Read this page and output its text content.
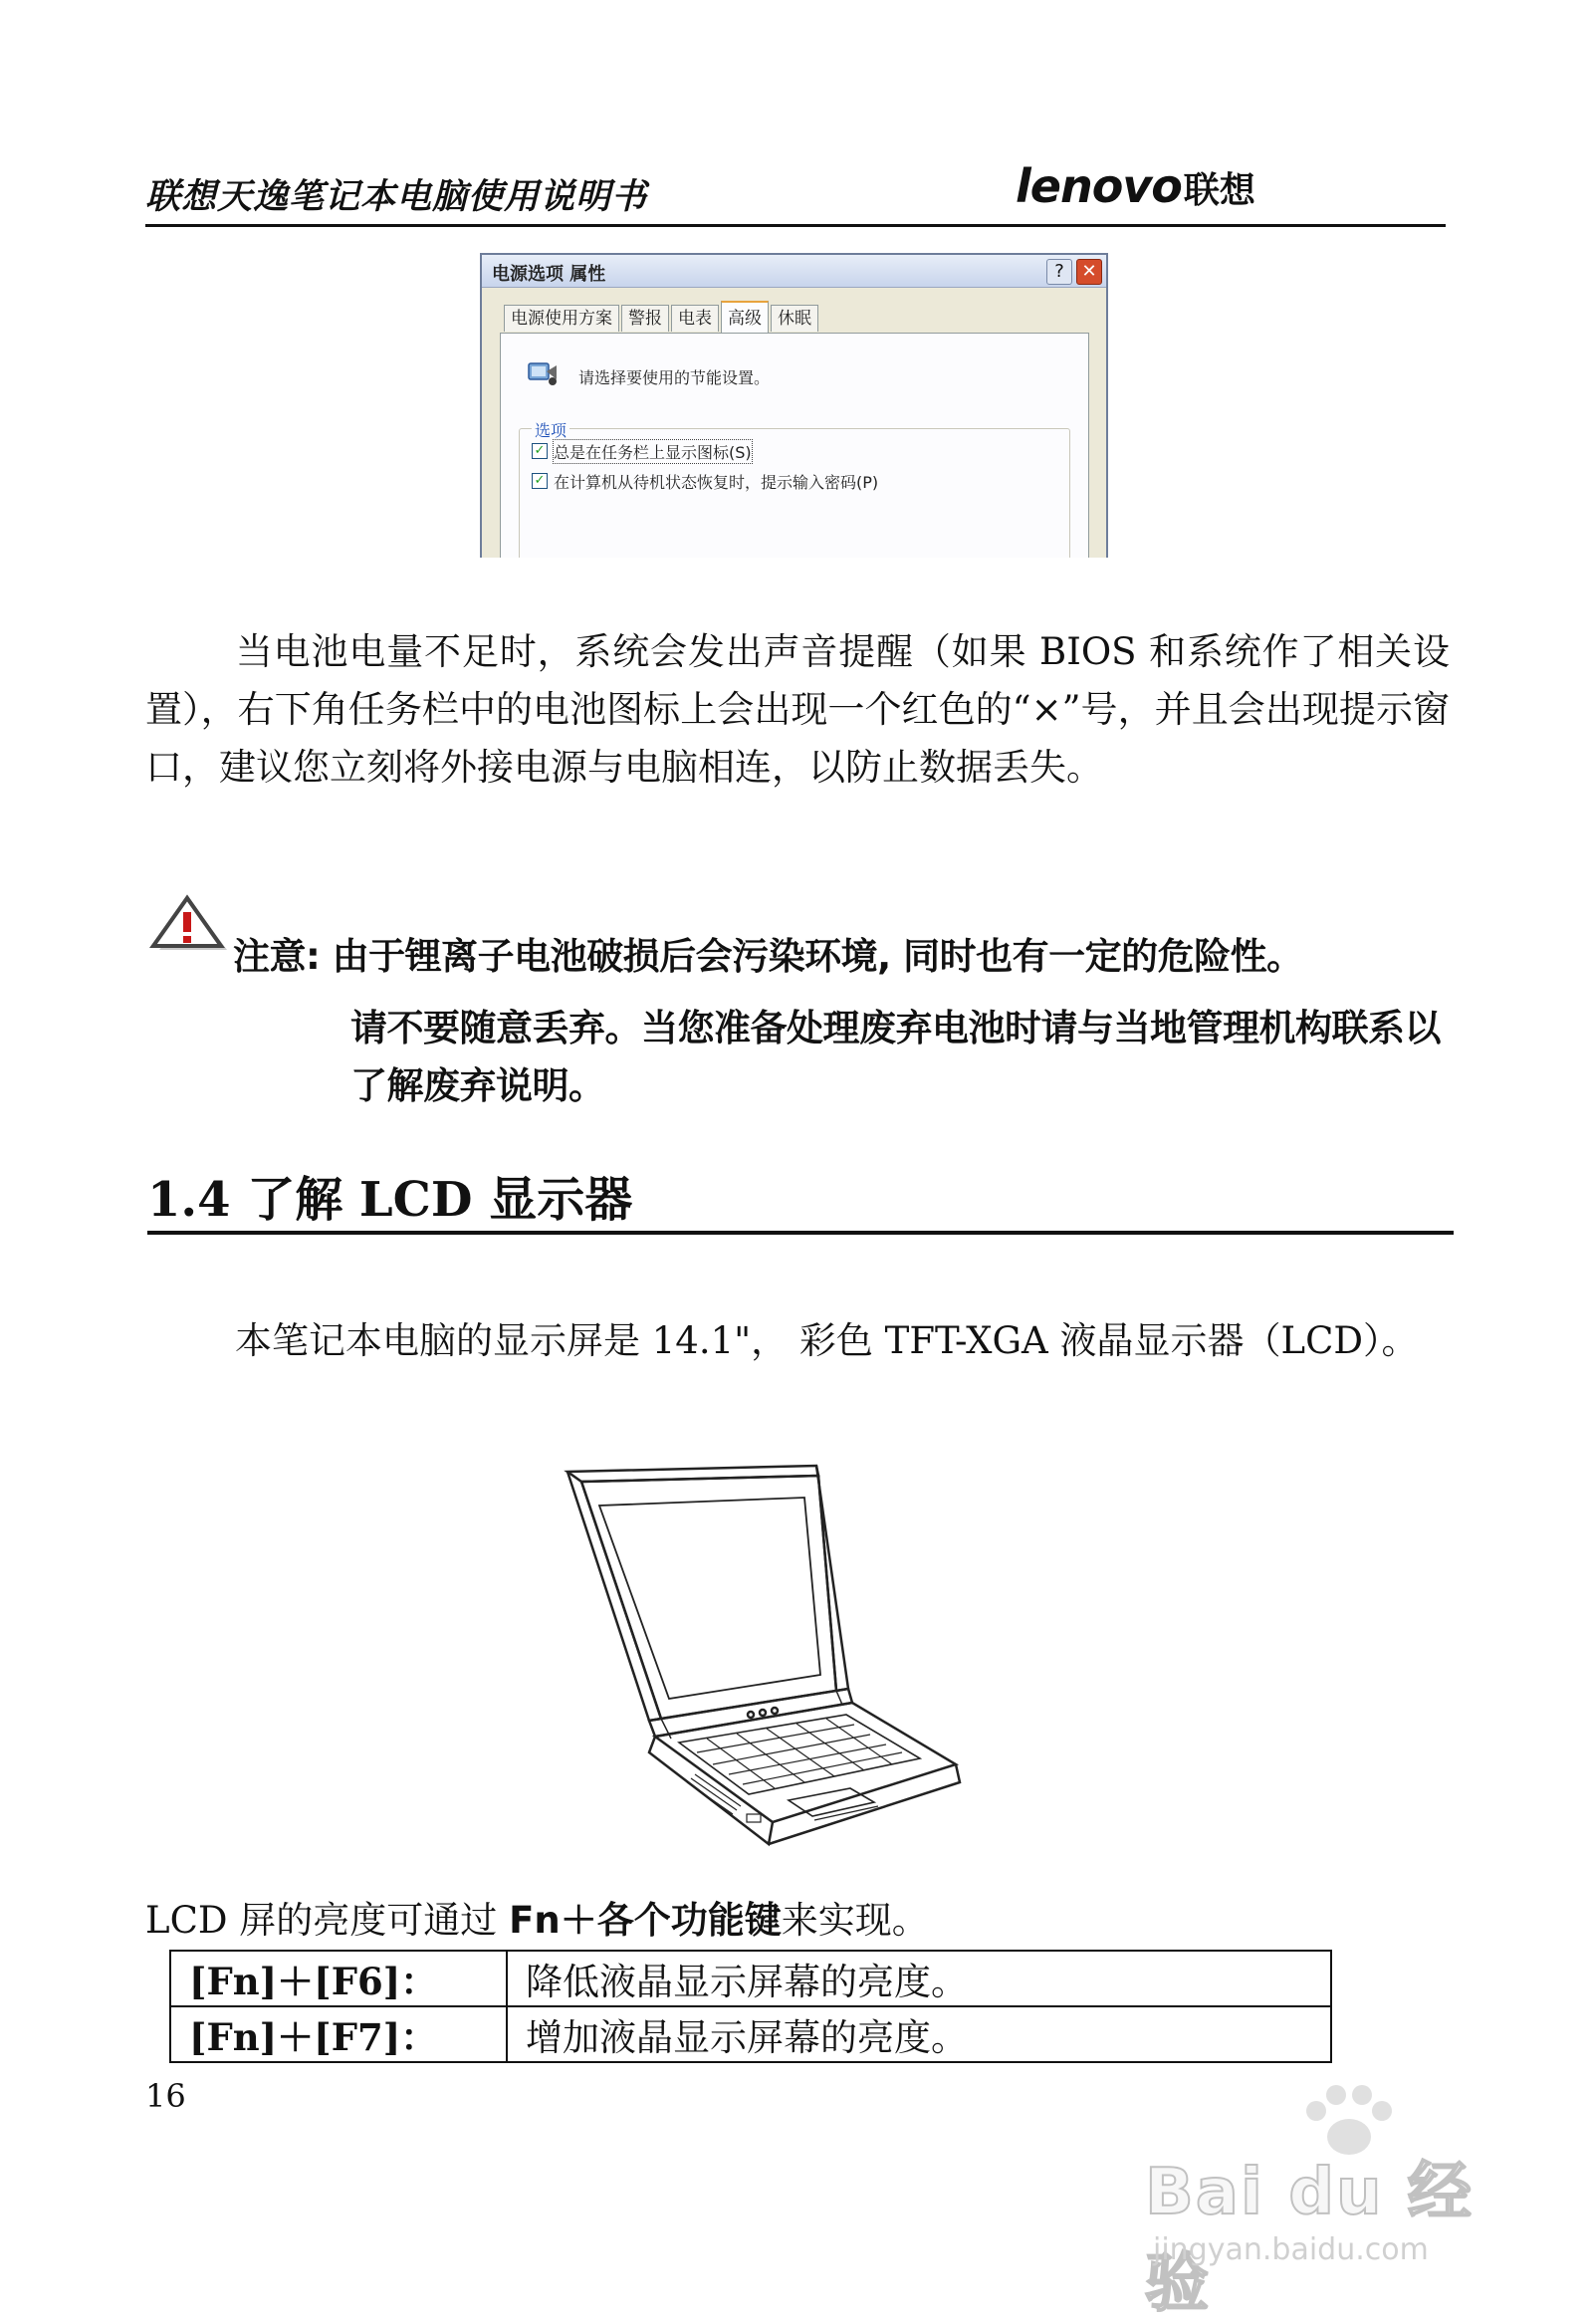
联想天逸笔记本电脑使用说明书	lenovo联想
电源选项 属性	? ✕
电源使用方案 警报 电表 高级 休眠
请选择要使用的节能设置。
选项
✓ 总是在任务栏上显示图标(S)
✓ 在计算机从待机状态恢复时，提示输入密码(P)
当电池电量不足时，系统会发出声音提醒（如果 BIOS 和系统作了相关设置），右下角任务栏中的电池图标上会出现一个红色的“×”号，并且会出现提示窗口，建议您立刻将外接电源与电脑相连，以防止数据丢失。
注意: 由于锂离子电池破损后会污染环境, 同时也有一定的危险性。
请不要随意丢弃。当您准备处理废弃电池时请与当地管理机构联系以了解废弃说明。
1.4 了解 LCD 显示器
本笔记本电脑的显示屏是 14.1"， 彩色 TFT-XGA 液晶显示器（LCD）。
LCD 屏的亮度可通过 Fn＋各个功能键来实现。
[Fn]＋[F6]：	降低液晶显示屏幕的亮度。
[Fn]＋[F7]：	增加液晶显示屏幕的亮度。
16
Bai du 经验
jingyan.baidu.com
